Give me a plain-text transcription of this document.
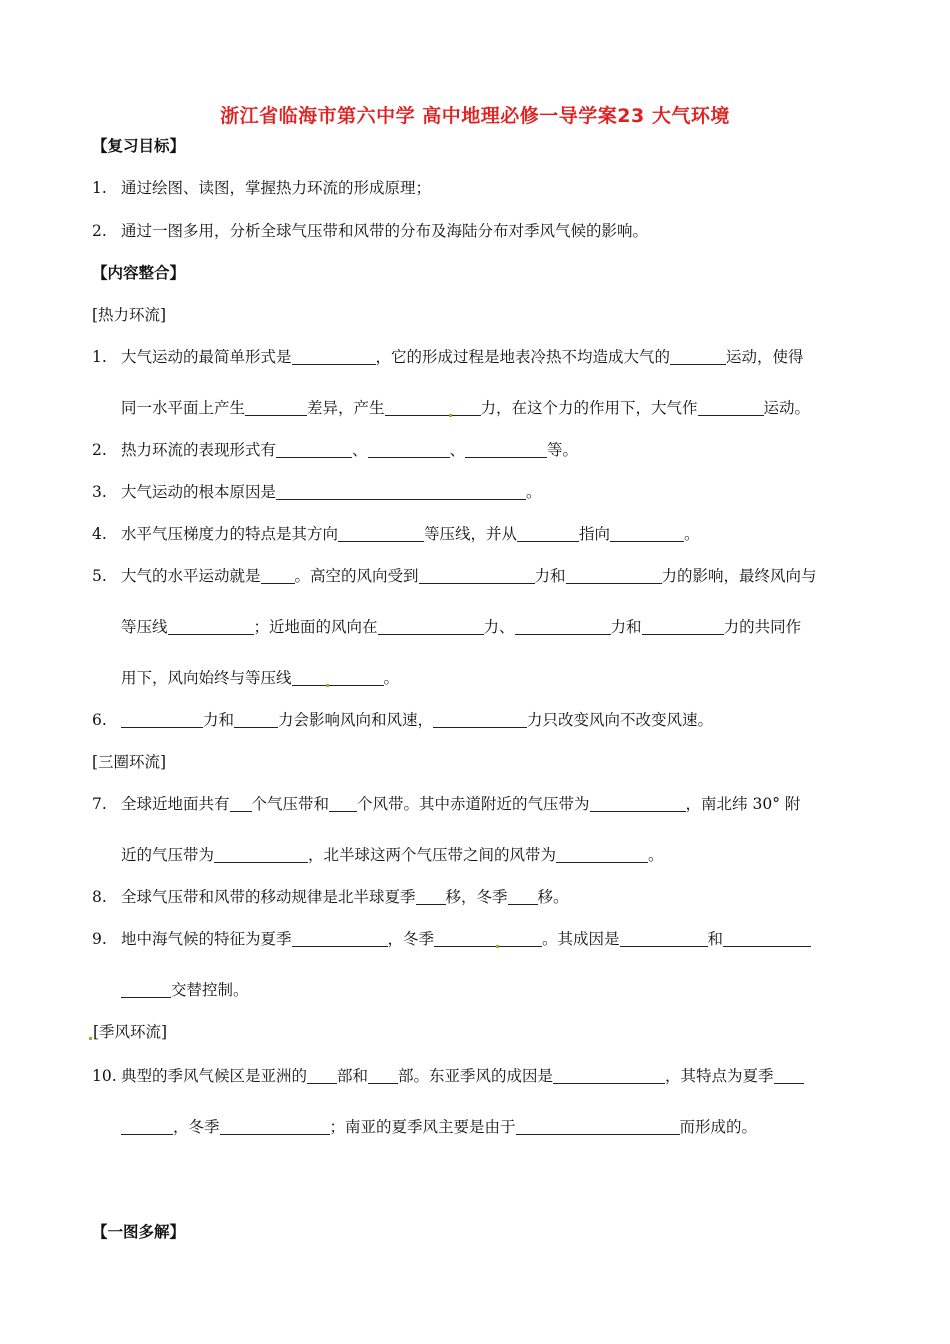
浙江省临海市第六中学 高中地理必修一导学案23 大气环境
【复习目标】
1. 通过绘图、读图，掌握热力环流的形成原理；
2. 通过一图多用，分析全球气压带和风带的分布及海陆分布对季风气候的影响。
【内容整合】
[热力环流]
1. 大气运动的最简单形式是	，它的形成过程是地表冷热不均造成大气的	运动，使得
同一水平面上产生	差异，产生	力，在这个力的作用下，大气作	运动。
2. 热力环流的表现形式有	、	、	等。
3. 大气运动的根本原因是	。
4. 水平气压梯度力的特点是其方向	等压线，并从	指向	。
5. 大气的水平运动就是 。高空的风向受到	力和	力的影响，最终风向与
等压线	；近地面的风向在	力、	力和	力的共同作
用下，风向始终与等压线	。
6.	力和	力会影响风向和风速，	力只改变风向不改变风速。
[三圈环流]
7. 全球近地面共有 个气压带和 个风带。其中赤道附近的气压带为	，南北纬 30° 附
近的气压带为	，北半球这两个气压带之间的风带为	。
8. 全球气压带和风带的移动规律是北半球夏季 移，冬季 移。
9. 地中海气候的特征为夏季	，冬季	。其成因是	和
交替控制。
[季风环流]
10. 典型的季风气候区是亚洲的 部和 部。东亚季风的成因是	，其特点为夏季
，冬季	；南亚的夏季风主要是由于	而形成的。
【一图多解】
